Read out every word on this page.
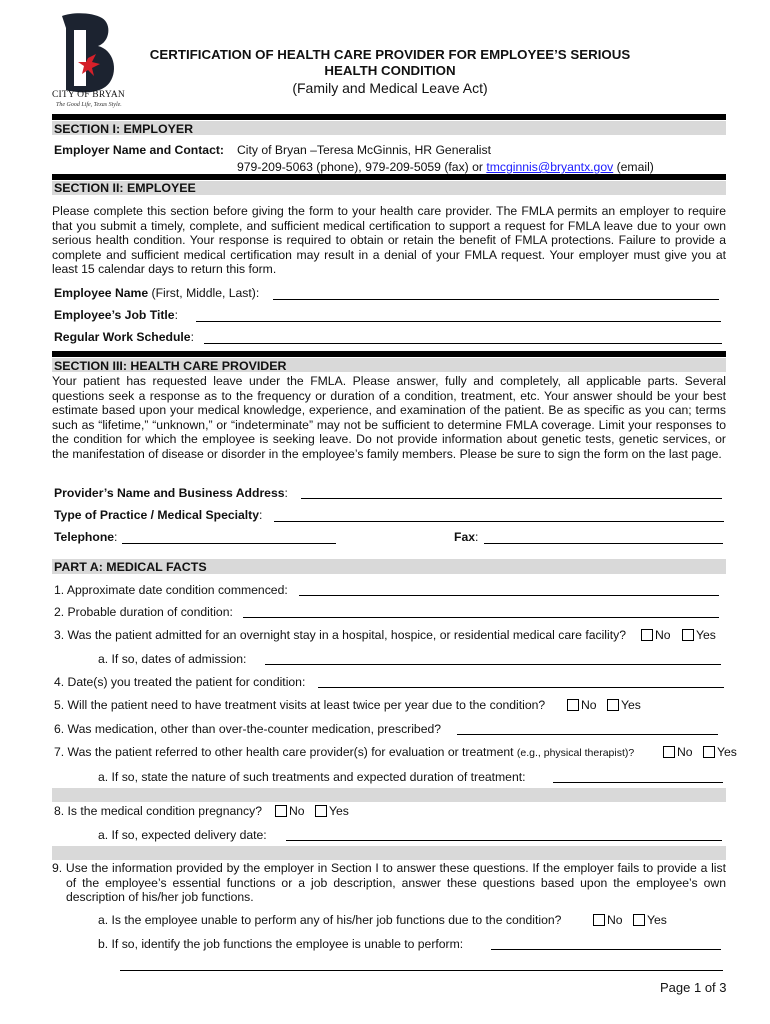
CITY OF BRYAN
The Good Life, Texas Style.
CERTIFICATION OF HEALTH CARE PROVIDER FOR EMPLOYEE’S SERIOUS
HEALTH CONDITION
(Family and Medical Leave Act)
SECTION I: EMPLOYER
Employer Name and Contact: City of Bryan –Teresa McGinnis, HR Generalist
979-209-5063 (phone), 979-209-5059 (fax) or tmcginnis@bryantx.gov (email)
SECTION II: EMPLOYEE
Please complete this section before giving the form to your health care provider. The FMLA permits an employer to require that you submit a timely, complete, and sufficient medical certification to support a request for FMLA leave due to your own serious health condition. Your response is required to obtain or retain the benefit of FMLA protections. Failure to provide a complete and sufficient medical certification may result in a denial of your FMLA request. Your employer must give you at least 15 calendar days to return this form.
Employee Name (First, Middle, Last):
Employee’s Job Title:
Regular Work Schedule:
SECTION III: HEALTH CARE PROVIDER
Your patient has requested leave under the FMLA. Please answer, fully and completely, all applicable parts. Several questions seek a response as to the frequency or duration of a condition, treatment, etc. Your answer should be your best estimate based upon your medical knowledge, experience, and examination of the patient. Be as specific as you can; terms such as “lifetime,” “unknown,” or “indeterminate” may not be sufficient to determine FMLA coverage. Limit your responses to the condition for which the employee is seeking leave. Do not provide information about genetic tests, genetic services, or the manifestation of disease or disorder in the employee’s family members. Please be sure to sign the form on the last page.
Provider’s Name and Business Address:
Type of Practice / Medical Specialty:
Telephone:	Fax:
PART A: MEDICAL FACTS
1. Approximate date condition commenced:
2. Probable duration of condition:
3. Was the patient admitted for an overnight stay in a hospital, hospice, or residential medical care facility? No Yes
a. If so, dates of admission:
4. Date(s) you treated the patient for condition:
5. Will the patient need to have treatment visits at least twice per year due to the condition?	No Yes
6. Was medication, other than over-the-counter medication, prescribed?
7. Was the patient referred to other health care provider(s) for evaluation or treatment (e.g., physical therapist)?	No Yes
a. If so, state the nature of such treatments and expected duration of treatment:
8. Is the medical condition pregnancy? No Yes
a. If so, expected delivery date:
9. Use the information provided by the employer in Section I to answer these questions. If the employer fails to provide a list of the employee’s essential functions or a job description, answer these questions based upon the employee’s own description of his/her job functions.
a. Is the employee unable to perform any of his/her job functions due to the condition?	No Yes
b. If so, identify the job functions the employee is unable to perform:
Page 1 of 3
